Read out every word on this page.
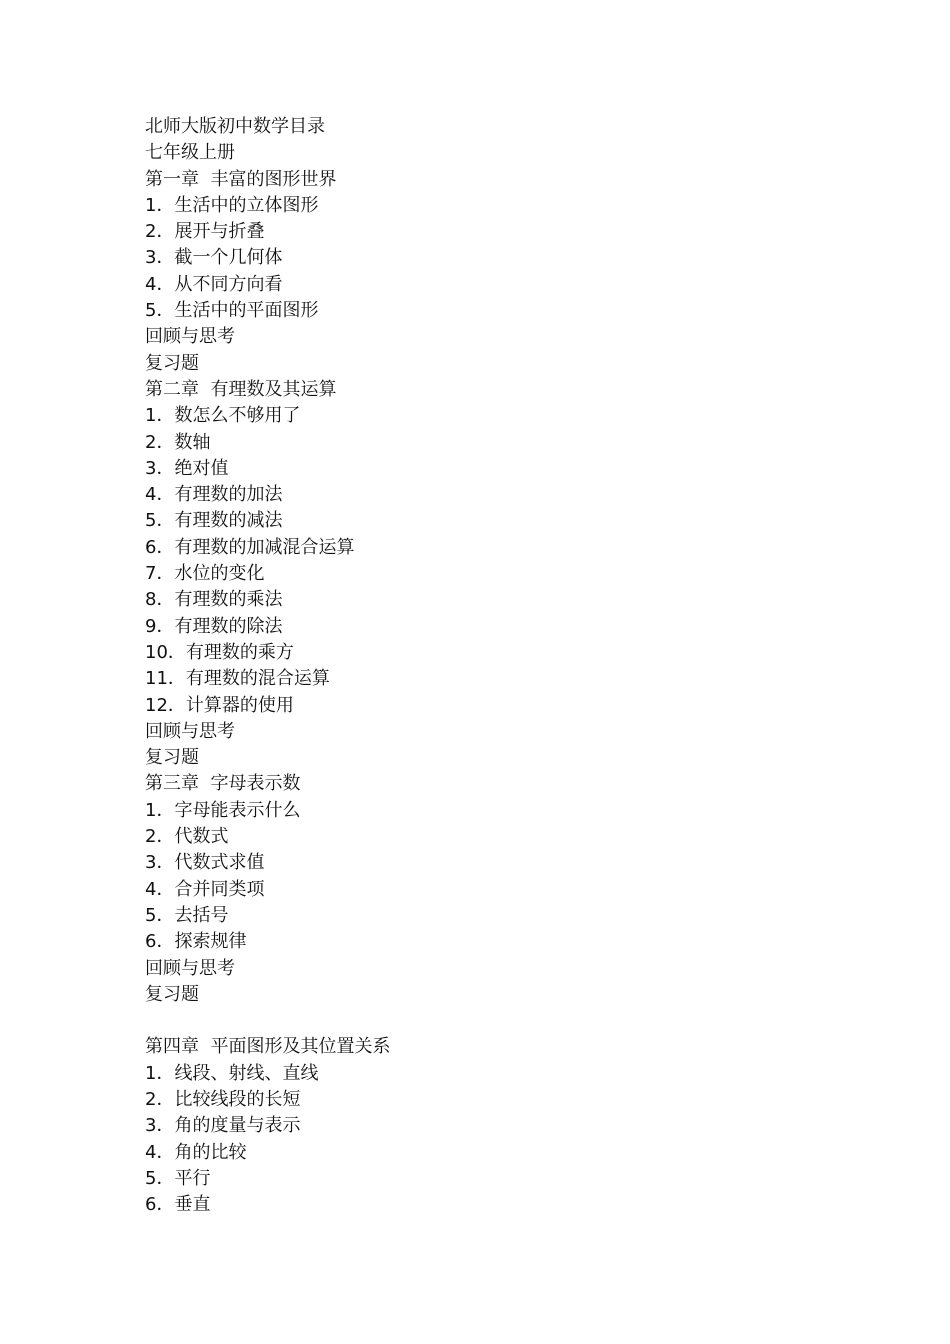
北师大版初中数学目录
七年级上册
第一章  丰富的图形世界
1．生活中的立体图形
2．展开与折叠
3．截一个几何体
4．从不同方向看
5．生活中的平面图形
回顾与思考
复习题
第二章  有理数及其运算
1．数怎么不够用了
2．数轴
3．绝对值
4．有理数的加法
5．有理数的减法
6．有理数的加减混合运算
7．水位的变化
8．有理数的乘法
9．有理数的除法
10．有理数的乘方
11．有理数的混合运算
12．计算器的使用
回顾与思考
复习题
第三章  字母表示数
1．字母能表示什么
2．代数式
3．代数式求值
4．合并同类项
5．去括号
6．探索规律
回顾与思考
复习题
第四章  平面图形及其位置关系
1．线段、射线、直线
2．比较线段的长短
3．角的度量与表示
4．角的比较
5．平行
6．垂直
